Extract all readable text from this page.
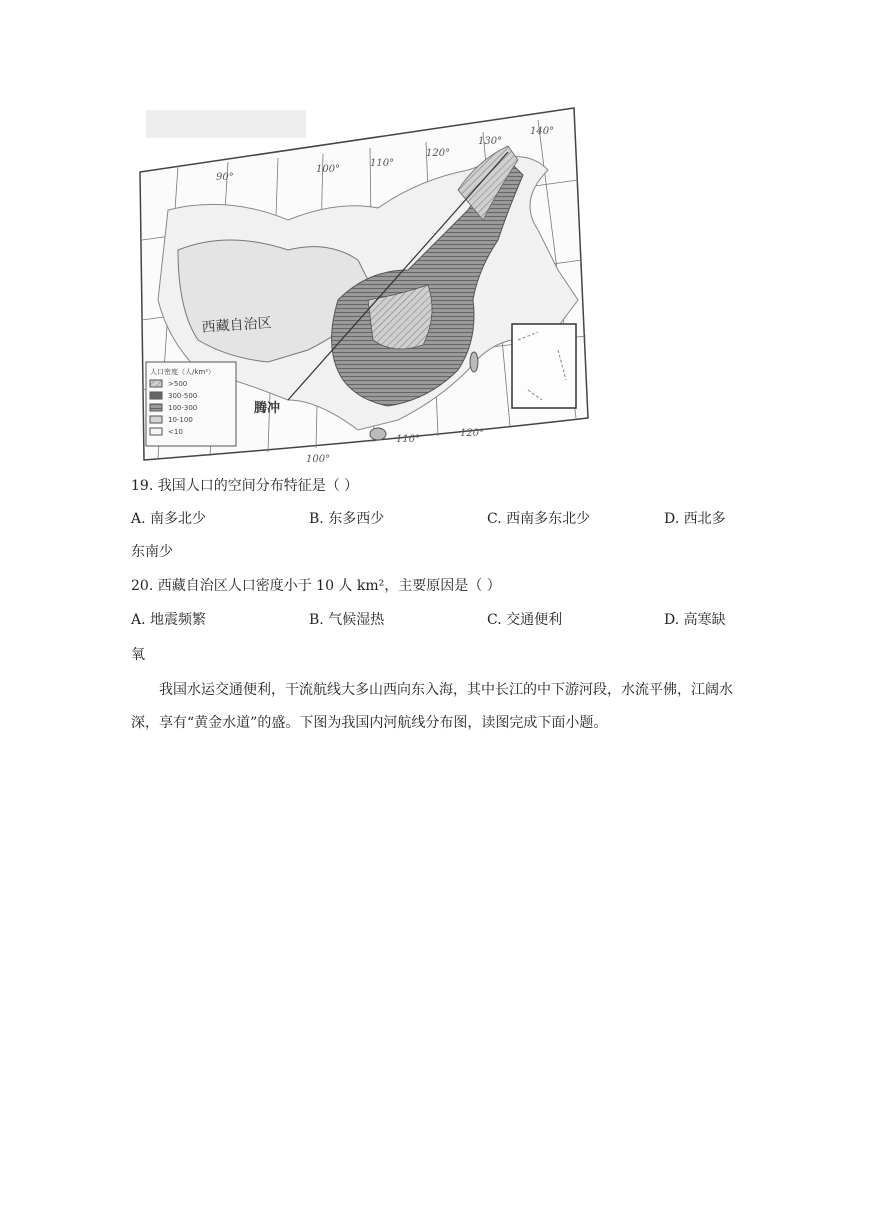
90°
100°
110°
120°
130°
140°
100°
110°
120°
西藏自治区
腾冲
人口密度（人/km²）
>500
300-500
100-300
10-100
<10
19. 我国人口的空间分布特征是（ ）
A. 南多北少	B. 东多西少	C. 西南多东北少	D. 西北多
东南少
20. 西藏自治区人口密度小于 10 人 km²，主要原因是（ ）
A. 地震频繁	B. 气候湿热	C. 交通便利	D. 高寒缺
氧
我国水运交通便利，干流航线大多山西向东入海，其中长江的中下游河段，水流平佛，江阔水深，享有“黄金水道”的盛。下图为我国内河航线分布图，读图完成下面小题。
